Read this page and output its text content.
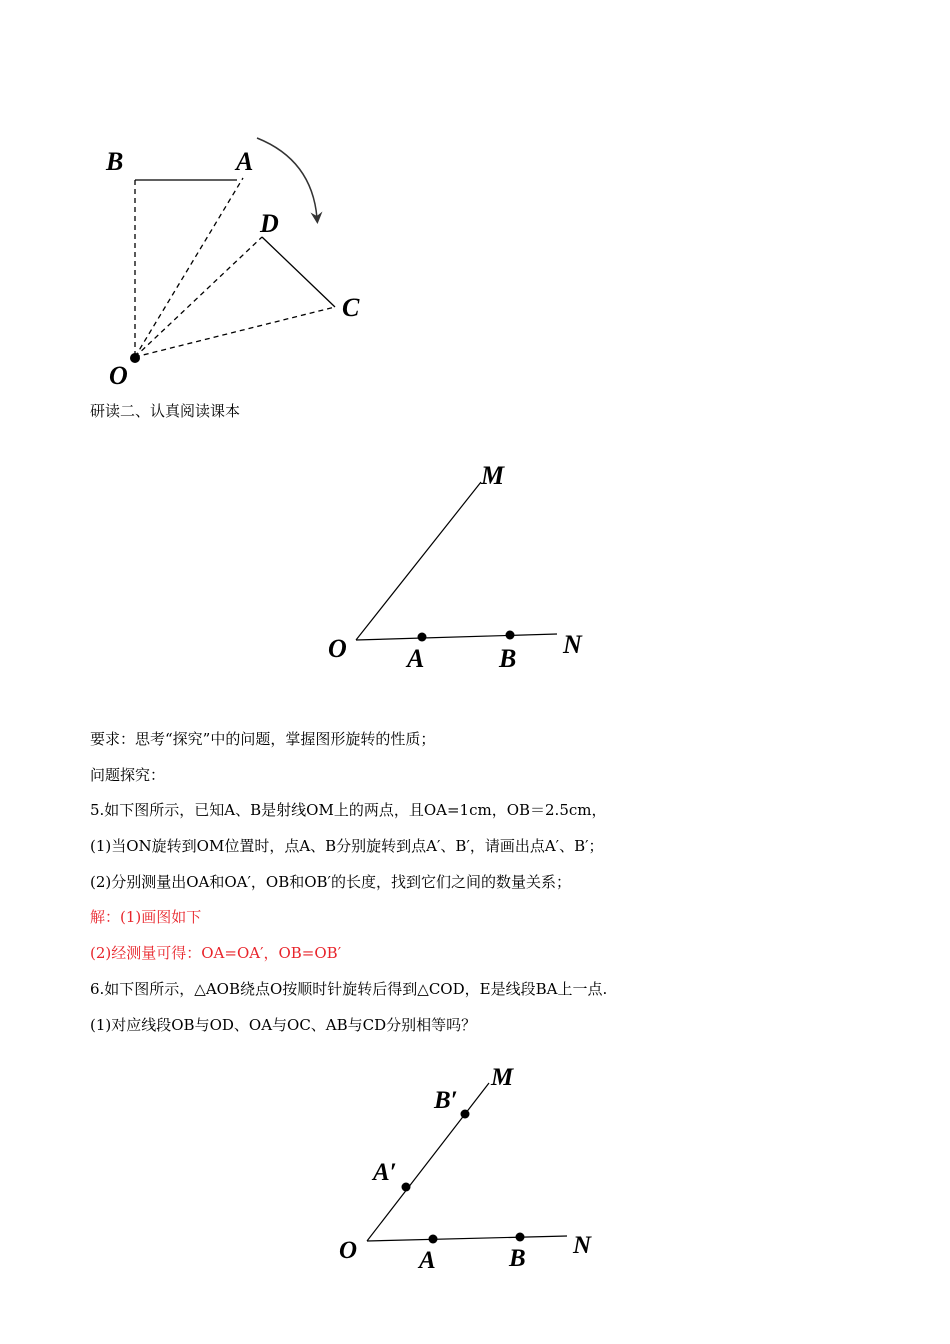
B	A
D
C
O
研读二、认真阅读课本
M
O A	B N
要求：思考“探究”中的问题，掌握图形旋转的性质；
问题探究：
5.如下图所示，已知A、B是射线OM上的两点，且OA=1cm，OB＝2.5cm，
(1)当ON旋转到OM位置时，点A、B分别旋转到点A′、B′，请画出点A′、B′；
(2)分别测量出OA和OA′，OB和OB′的长度，找到它们之间的数量关系；
解：(1)画图如下
(2)经测量可得：OA=OA′，OB=OB′
6.如下图所示，△AOB绕点O按顺时针旋转后得到△COD，E是线段BA上一点.
(1)对应线段OB与OD、OA与OC、AB与CD分别相等吗？
M
B′
A′
O A	B N
